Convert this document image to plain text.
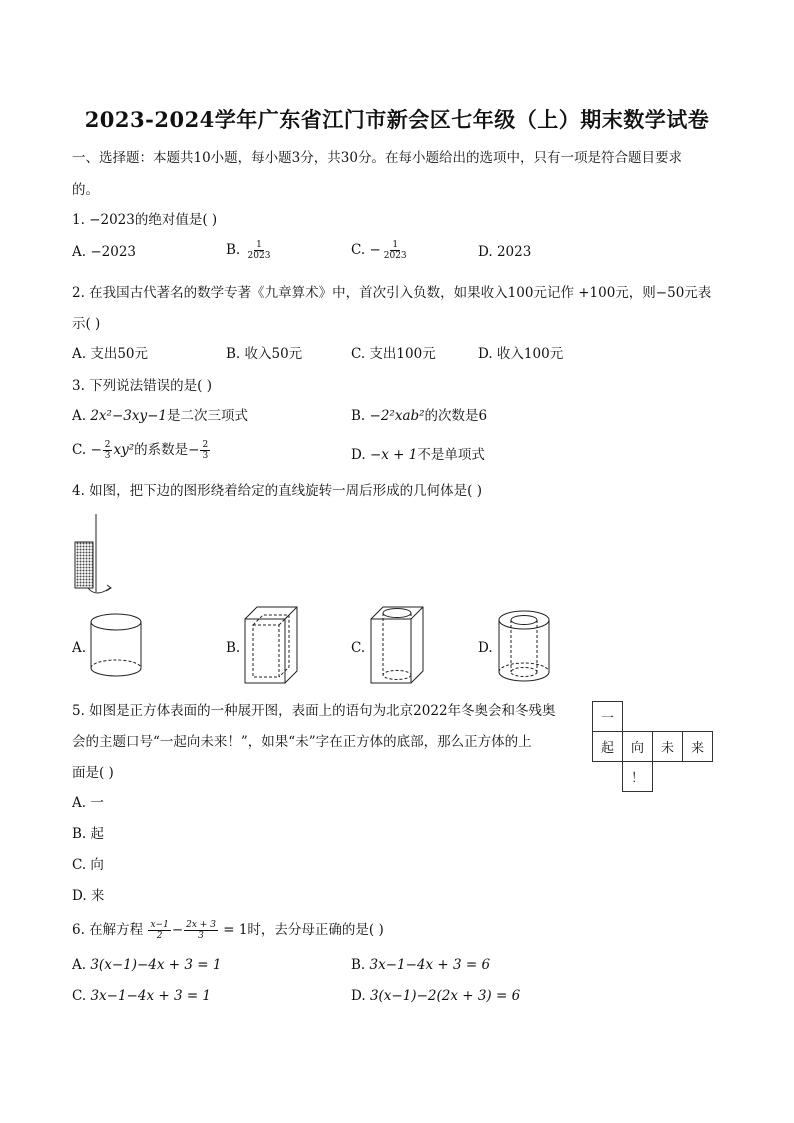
2023-2024学年广东省江门市新会区七年级（上）期末数学试卷
一、选择题：本题共10小题，每小题3分，共30分。在每小题给出的选项中，只有一项是符合题目要求
的。
1. −2023的绝对值是( )
A. −2023	B. $\frac{1}{2023}$	C. − $\frac{1}{2023}$	D. 2023
2. 在我国古代著名的数学专著《九章算术》中，首次引入负数，如果收入100元记作 +100元，则−50元表
示( )
A. 支出50元	B. 收入50元	C. 支出100元	D. 收入100元
3. 下列说法错误的是( )
A. 2x²−3xy−1是二次三项式	B. −2²xab²的次数是6
C. − $\frac{2}{3} xy^2$的系数是− $\frac{2}{3}$	D. −x + 1不是单项式
4. 如图，把下边的图形绕着给定的直线旋转一周后形成的几何体是( )
A.	B.	C.	D.
5. 如图是正方体表面的一种展开图，表面上的语句为北京2022年冬奥会和冬残奥
会的主题口号“一起向未来！”，如果“未”字在正方体的底部，那么正方体的上
面是( )
一
起	向	未	来
！
A. 一
B. 起
C. 向
D. 来
6. 在解方程 $\frac{x-1}{2} - \frac{2x + 3}{3} = 1$时，去分母正确的是( )
A. 3(x−1)−4x + 3 = 1	B. 3x−1−4x + 3 = 6
C. 3x−1−4x + 3 = 1	D. 3(x−1)−2(2x + 3) = 6
